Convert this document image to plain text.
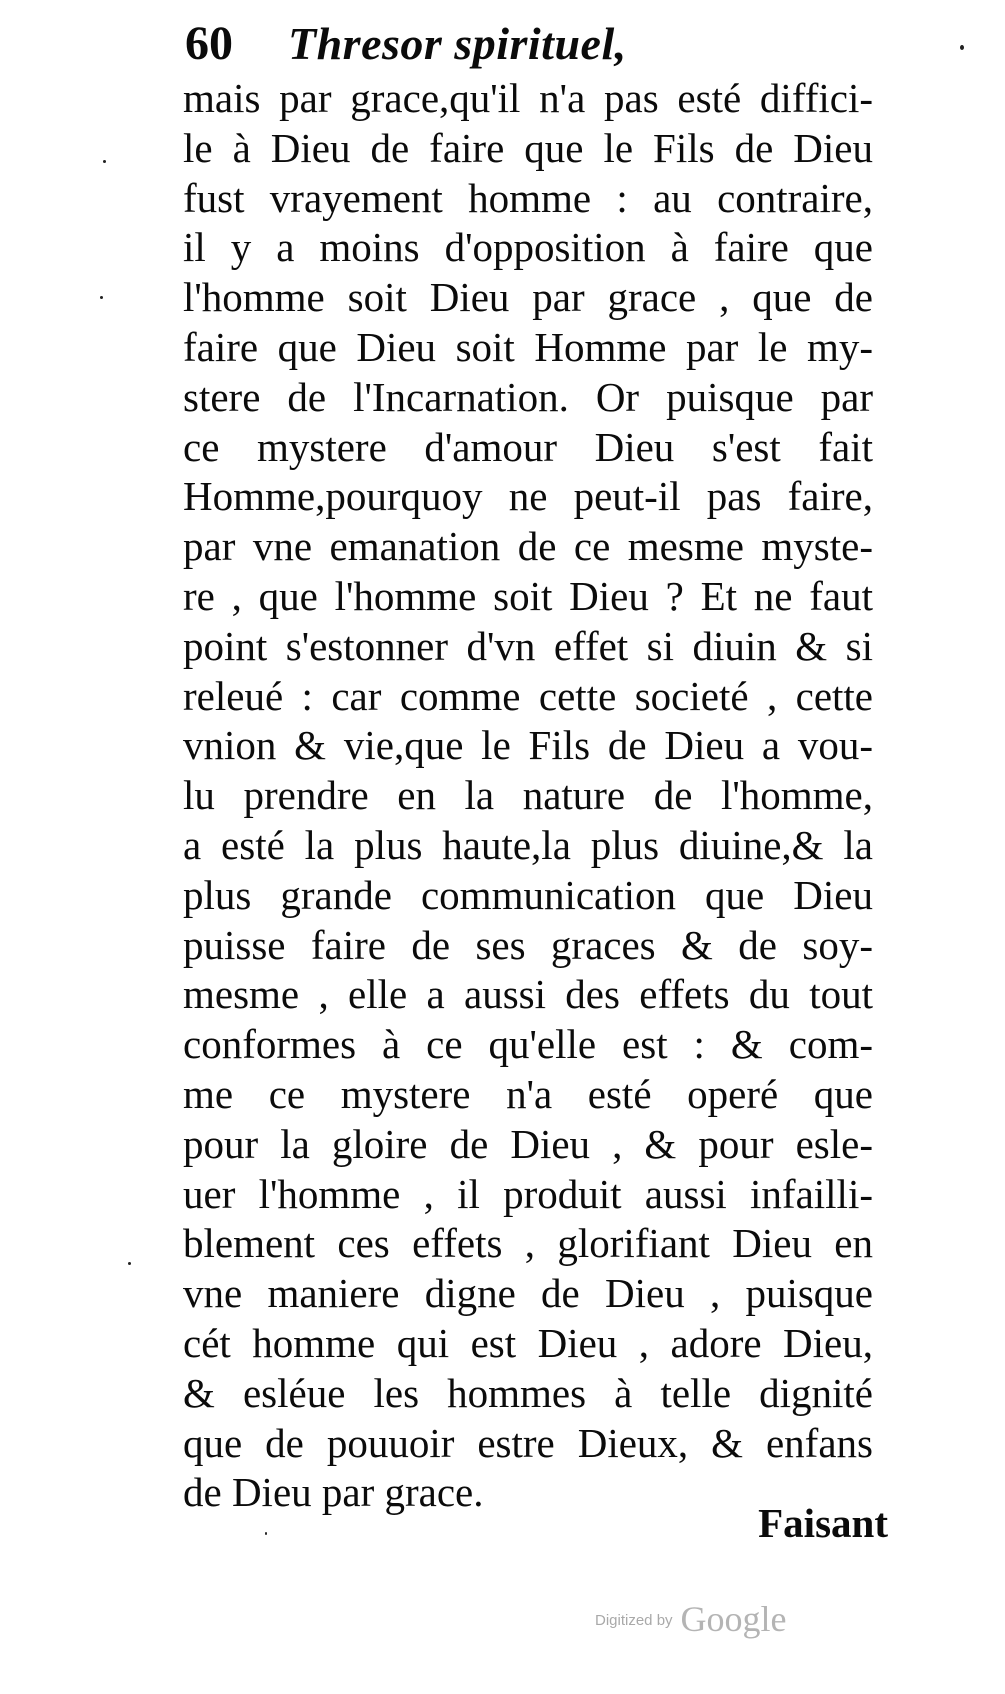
60 Thresor spirituel,
mais par grace,qu'il n'a pas esté diffici-
le à Dieu de faire que le Fils de Dieu
fust vrayement homme : au contraire,
il y a moins d'opposition à faire que
l'homme soit Dieu par grace , que de
faire que Dieu soit Homme par le my-
stere de l'Incarnation. Or puisque par
ce mystere d'amour Dieu s'est fait
Homme,pourquoy ne peut-il pas faire,
par vne emanation de ce mesme myste-
re , que l'homme soit Dieu ? Et ne faut
point s'estonner d'vn effet si diuin & si
releué : car comme cette societé , cette
vnion & vie,que le Fils de Dieu a vou-
lu prendre en la nature de l'homme,
a esté la plus haute,la plus diuine,& la
plus grande communication que Dieu
puisse faire de ses graces & de soy-
mesme , elle a aussi des effets du tout
conformes à ce qu'elle est : & com-
me ce mystere n'a esté operé que
pour la gloire de Dieu , & pour esle-
uer l'homme , il produit aussi infailli-
blement ces effets , glorifiant Dieu en
vne maniere digne de Dieu , puisque
cét homme qui est Dieu , adore Dieu,
& esléue les hommes à telle dignité
que de pouuoir estre Dieux, & enfans
de Dieu par grace.
Faisant
Digitized by Google
